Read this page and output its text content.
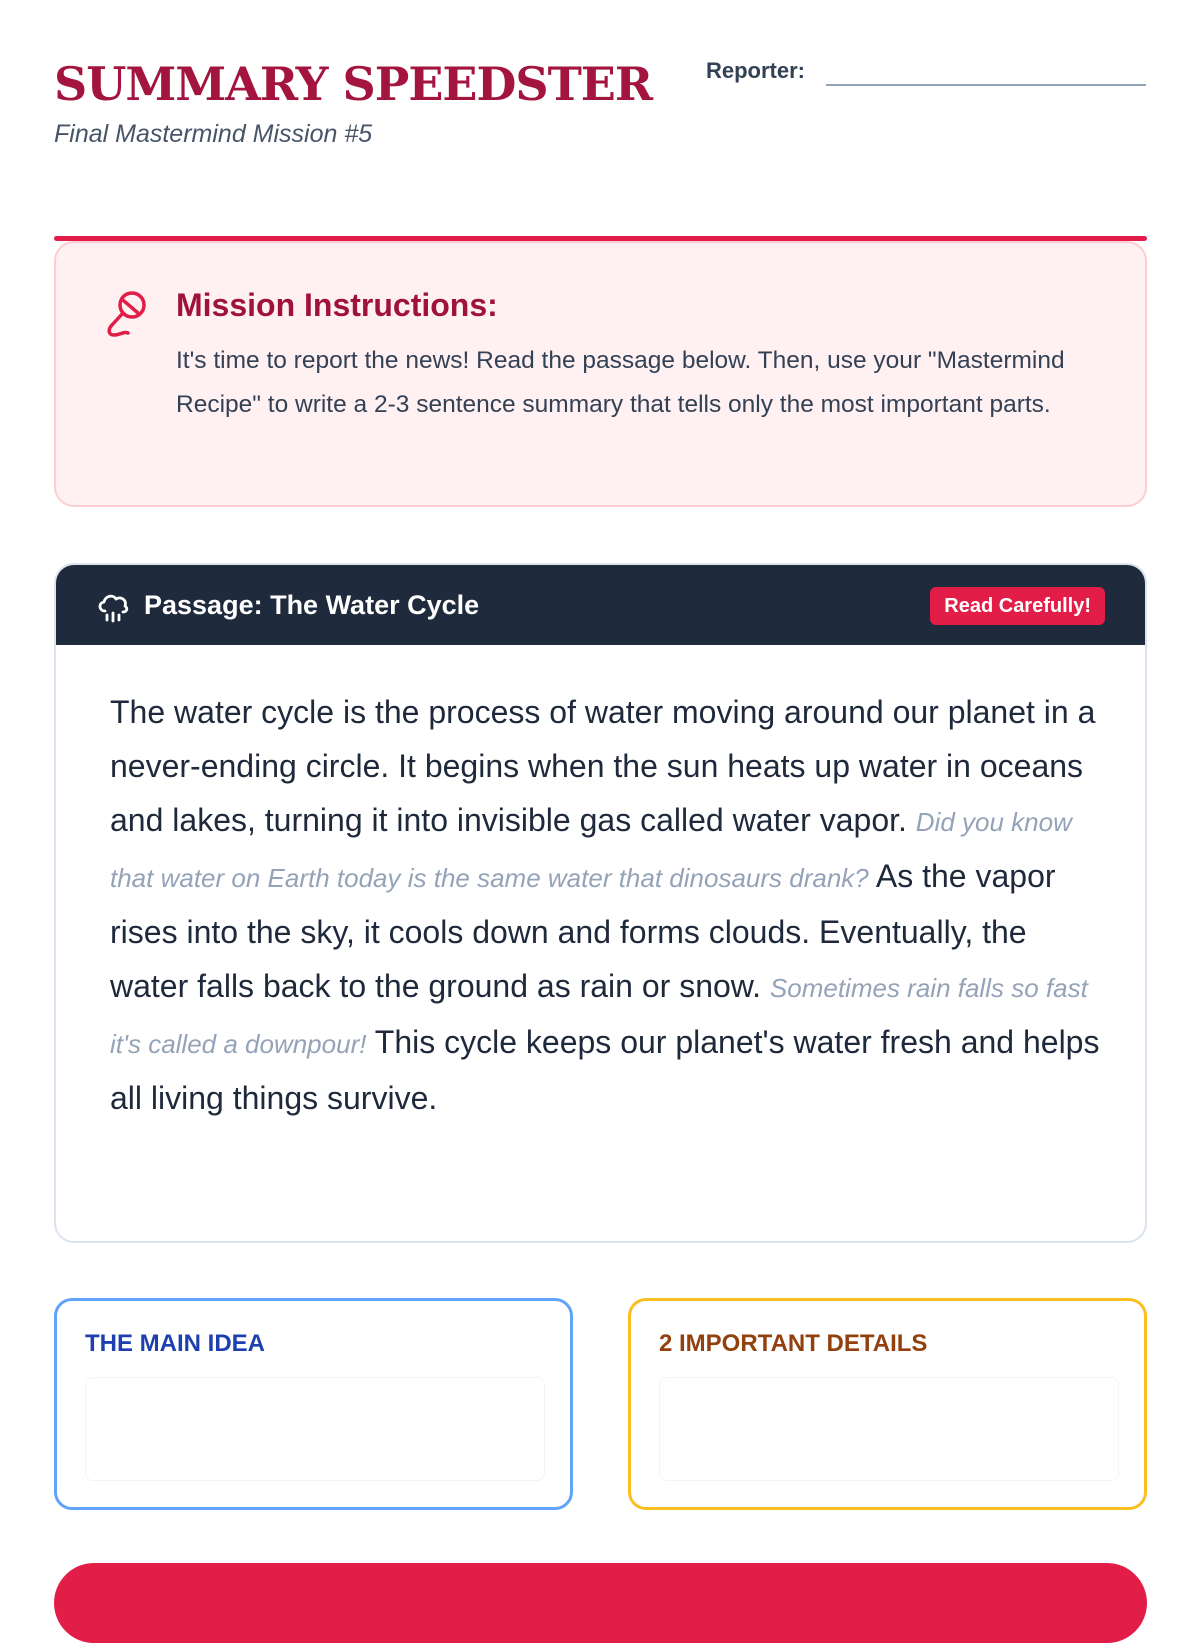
SUMMARY SPEEDSTER
Final Mastermind Mission #5
Reporter:
Mission Instructions:

It's time to report the news! Read the passage below. Then, use your "Mastermind Recipe" to write a 2-3 sentence summary that tells only the most important parts.

Passage: The Water Cycle	Read Carefully!

The water cycle is the process of water moving around our planet in a never-ending circle. It begins when the sun heats up water in oceans and lakes, turning it into invisible gas called water vapor. Did you know that water on Earth today is the same water that dinosaurs drank? As the vapor rises into the sky, it cools down and forms clouds. Eventually, the water falls back to the ground as rain or snow. Sometimes rain falls so fast it's called a downpour! This cycle keeps our planet's water fresh and helps all living things survive.

THE MAIN IDEA	2 IMPORTANT DETAILS
